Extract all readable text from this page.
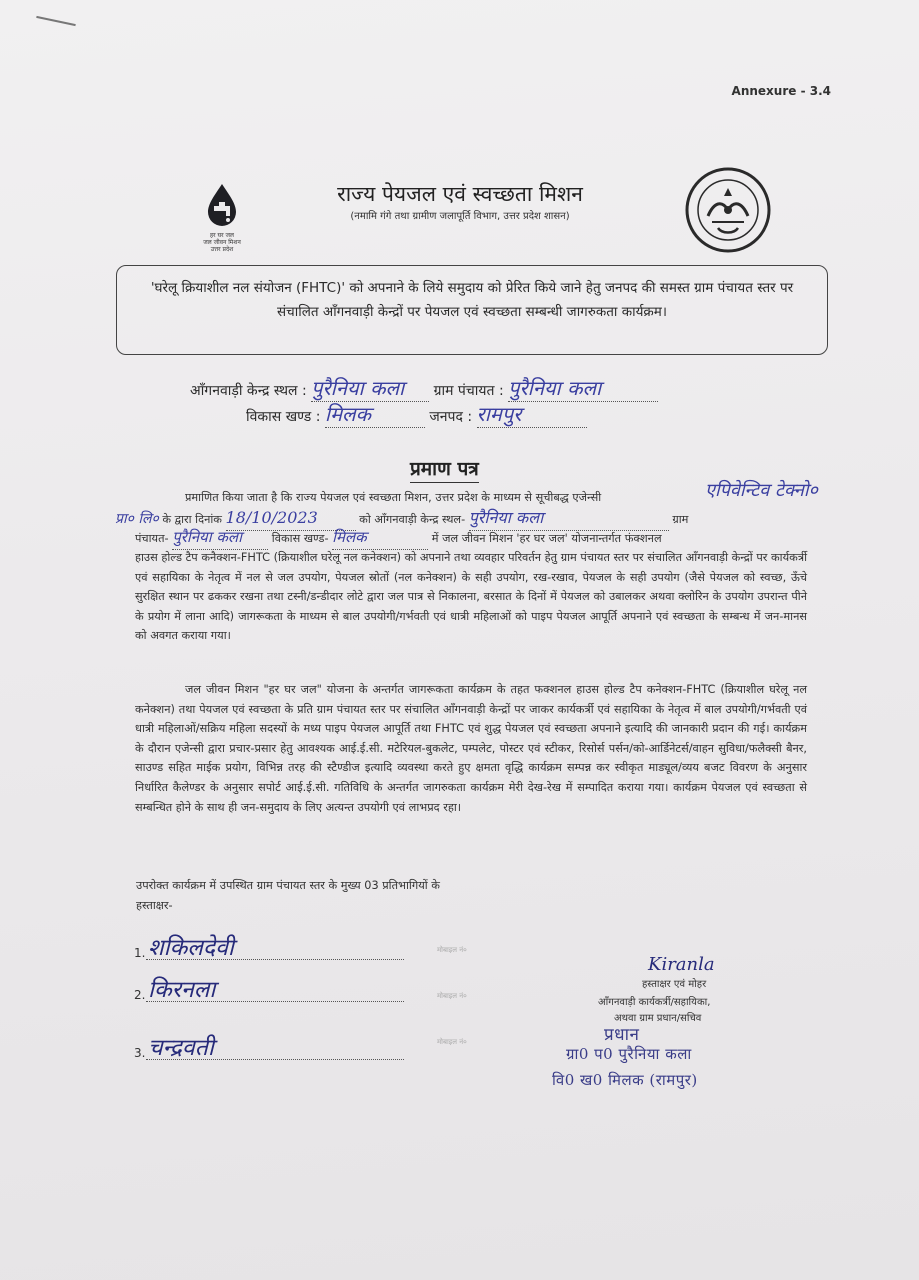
Annexure - 3.4
हर घर जल
जल जीवन मिशन
उत्तर प्रदेश
राज्य पेयजल एवं स्वच्छता मिशन
(नमामि गंगे तथा ग्रामीण जलापूर्ति विभाग, उत्तर प्रदेश शासन)
'घरेलू क्रियाशील नल संयोजन (FHTC)' को अपनाने के लिये समुदाय को प्रेरित किये जाने हेतु जनपद की समस्त ग्राम पंचायत स्तर पर संचालित आँगनवाड़ी केन्द्रों पर पेयजल एवं स्वच्छता सम्बन्धी जागरुकता कार्यक्रम।
आँगनवाड़ी केन्द्र स्थल : पुरैनिया कला ग्राम पंचायत : पुरैनिया कला
विकास खण्ड : मिलक	जनपद : रामपुर
प्रमाण पत्र
प्रमाणित किया जाता है कि राज्य पेयजल एवं स्वच्छता मिशन, उत्तर प्रदेश के माध्यम से सूचीबद्ध एजेन्सी	एपिवेन्टिव टेक्नो०
प्रा० लि० के द्वारा दिनांक 18/10/2023	को आँगनवाड़ी केन्द्र स्थल- पुरैनिया कला	ग्राम
पंचायत- पुरैनिया कला	विकास खण्ड- मिलक	में जल जीवन मिशन 'हर घर जल' योजनान्तर्गत फंक्शनल
हाउस होल्ड टैप कनैक्शन-FHTC (क्रियाशील घरेलू नल कनेक्शन) को अपनाने तथा व्यवहार परिवर्तन हेतु ग्राम पंचायत स्तर पर संचालित आँगनवाड़ी केन्द्रों पर कार्यकर्त्री एवं सहायिका के नेतृत्व में नल से जल उपयोग, पेयजल स्रोतों (नल कनेक्शन) के सही उपयोग, रख-रखाव, पेयजल के सही उपयोग (जैसे पेयजल को स्वच्छ, ऊँचे सुरक्षित स्थान पर ढककर रखना तथा टस्नी/डन्डीदार लोटे द्वारा जल पात्र से निकालना, बरसात के दिनों में पेयजल को उबालकर अथवा क्लोरिन के उपयोग उपरान्त पीने के प्रयोग में लाना आदि) जागरूकता के माध्यम से बाल उपयोगी/गर्भवती एवं धात्री महिलाओं को पाइप पेयजल आपूर्ति अपनाने एवं स्वच्छता के सम्बन्ध में जन-मानस को अवगत कराया गया।
जल जीवन मिशन "हर घर जल" योजना के अन्तर्गत जागरूकता कार्यक्रम के तहत फक्शनल हाउस होल्ड टैप कनेक्शन-FHTC (क्रियाशील घरेलू नल कनेक्शन) तथा पेयजल एवं स्वच्छता के प्रति ग्राम पंचायत स्तर पर संचालित आँगनवाड़ी केन्द्रों पर जाकर कार्यकर्त्री एवं सहायिका के नेतृत्व में बाल उपयोगी/गर्भवती एवं धात्री महिलाओं/सक्रिय महिला सदस्यों के मध्य पाइप पेयजल आपूर्ति तथा FHTC एवं शुद्ध पेयजल एवं स्वच्छता अपनाने इत्यादि की जानकारी प्रदान की गई। कार्यक्रम के दौरान एजेन्सी द्वारा प्रचार-प्रसार हेतु आवश्यक आई.ई.सी. मटेरियल-बुकलेट, पम्पलेट, पोस्टर एवं स्टीकर, रिसोर्स पर्सन/को-आर्डिनेटर्स/वाहन सुविधा/फलैक्सी बैनर, साउण्ड सहित माईक प्रयोग, विभिन्न तरह की स्टैण्डीज इत्यादि व्यवस्था करते हुए क्षमता वृद्धि कार्यक्रम सम्पन्न कर स्वीकृत माड्यूल/व्यय बजट विवरण के अनुसार निर्धारित कैलेण्डर के अनुसार सपोर्ट आई.ई.सी. गतिविधि के अन्तर्गत जागरुकता कार्यक्रम मेरी देख-रेख में सम्पादित कराया गया। कार्यक्रम पेयजल एवं स्वच्छता से सम्बन्धित होने के साथ ही जन-समुदाय के लिए अत्यन्त उपयोगी एवं लाभप्रद रहा।
उपरोक्त कार्यक्रम में उपस्थित ग्राम पंचायत स्तर के मुख्य 03 प्रतिभागियों के
हस्ताक्षर-
1. शकिलदेवी	मोबाइल नं०
2. किरनला	मोबाइल नं०
3. चन्द्रवती	मोबाइल नं०
Kiranla
हस्ताक्षर एवं मोहर
आँगनवाड़ी कार्यकर्त्री/सहायिका,
अथवा ग्राम प्रधान/सचिव
प्रधान
ग्रा0 प0 पुरैनिया कला
वि0 ख0 मिलक (रामपुर)
